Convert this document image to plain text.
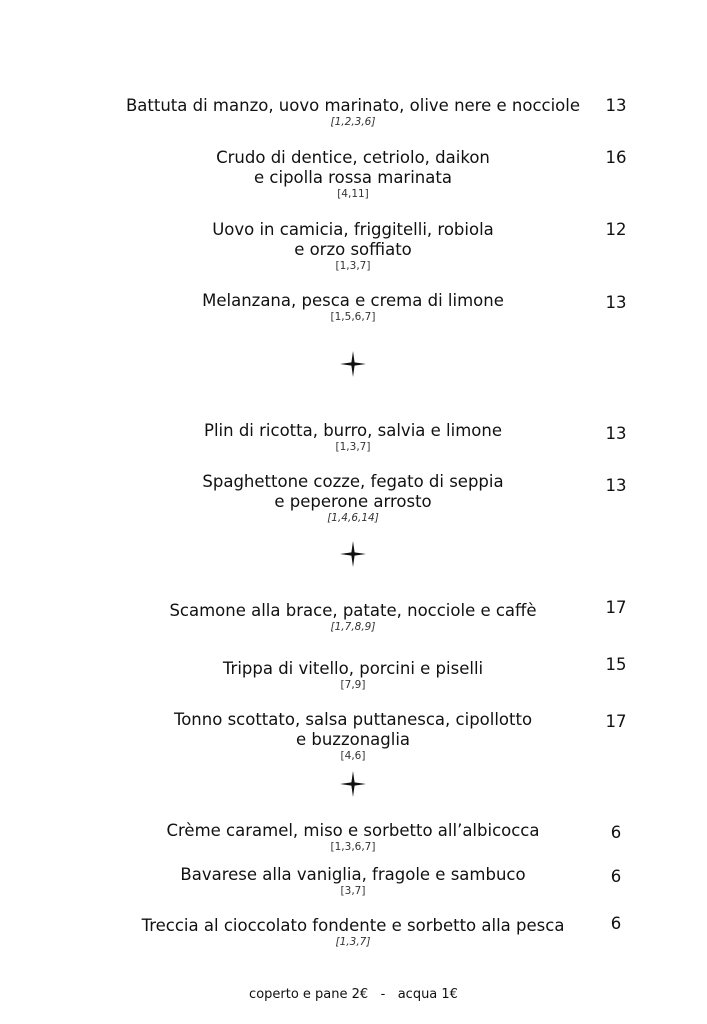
Battuta di manzo, uovo marinato, olive nere e nocciole
[1,2,3,6]
13
Crudo di dentice, cetriolo, daikon
e cipolla rossa marinata
[4,11]
16
Uovo in camicia, friggitelli, robiola
e orzo soffiato
[1,3,7]
12
Melanzana, pesca e crema di limone
[1,5,6,7]
13
Plin di ricotta, burro, salvia e limone
[1,3,7]
13
Spaghettone cozze, fegato di seppia
e peperone arrosto
[1,4,6,14]
13
Scamone alla brace, patate, nocciole e caffè
[1,7,8,9]
17
Trippa di vitello, porcini e piselli
[7,9]
15
Tonno scottato, salsa puttanesca, cipollotto
e buzzonaglia
[4,6]
17
Crème caramel, miso e sorbetto all’albicocca
[1,3,6,7]
6
Bavarese alla vaniglia, fragole e sambuco
[3,7]
6
Treccia al cioccolato fondente e sorbetto alla pesca
[1,3,7]
6
coperto e pane 2€ - acqua 1€
